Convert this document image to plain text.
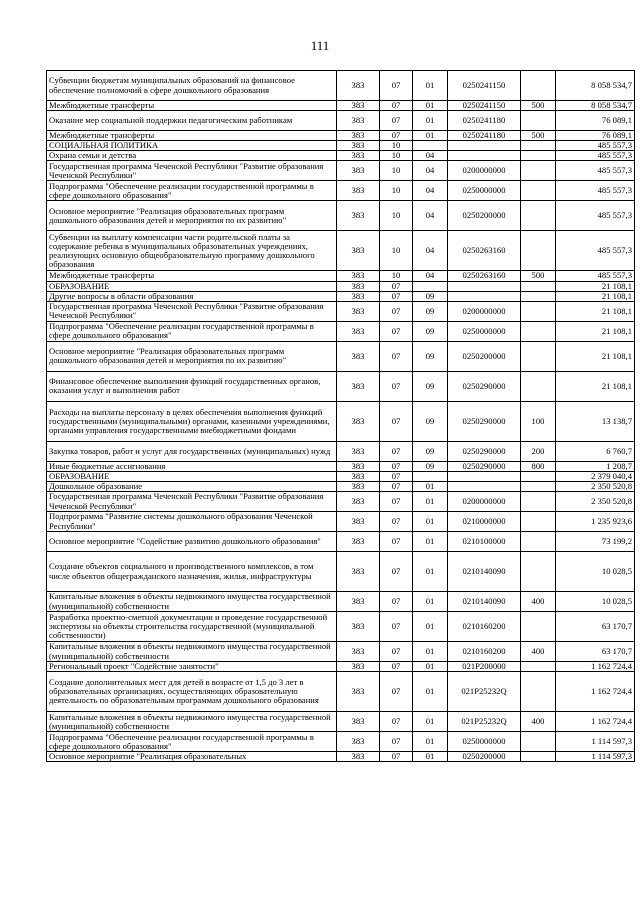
111
Субвенции бюджетам муниципальных образований на финансовое обеспечение полномочий в сфере дошкольного образования	383	07	01	0250241150		8 058 534,7
Межбюджетные трансферты	383	07	01	0250241150	500	8 058 534,7
Оказание мер социальной поддержки педагогическим работникам	383	07	01	0250241180		76 089,1
Межбюджетные трансферты	383	07	01	0250241180	500	76 089,1
СОЦИАЛЬНАЯ ПОЛИТИКА	383	10				485 557,3
Охрана семьи и детства	383	10	04			485 557,3
Государственная программа Чеченской Республики "Развитие образования Чеченской Республики"	383	10	04	0200000000		485 557,3
Подпрограмма "Обеспечение реализации государственной программы в сфере дошкольного образования"	383	10	04	0250000000		485 557,3
Основное мероприятие "Реализация образовательных программ дошкольного образования детей и мероприятия по их развитию"	383	10	04	0250200000		485 557,3
Субвенции на выплату компенсации части родительской платы за содержание ребенка в муниципальных образовательных учреждениях, реализующих основную общеобразовательную программу дошкольного образования	383	10	04	0250263160		485 557,3
Межбюджетные трансферты	383	10	04	0250263160	500	485 557,3
ОБРАЗОВАНИЕ	383	07				21 108,1
Другие вопросы в области образования	383	07	09			21 108,1
Государственная программа Чеченской Республики "Развитие образования Чеченской Республики"	383	07	09	0200000000		21 108,1
Подпрограмма "Обеспечение реализации государственной программы в сфере дошкольного образования"	383	07	09	0250000000		21 108,1
Основное мероприятие "Реализация образовательных программ дошкольного образования детей и мероприятия по их развитию"	383	07	09	0250200000		21 108,1
Финансовое обеспечение выполнения функций государственных органов, оказания услуг и выполнения работ	383	07	09	0250290000		21 108,1
Расходы на выплаты персоналу в целях обеспечения выполнения функций государственными (муниципальными) органами, казенными учреждениями, органами управления государственными внебюджетными фондами	383	07	09	0250290000	100	13 138,7
Закупка товаров, работ и услуг для государственных (муниципальных) нужд	383	07	09	0250290000	200	6 760,7
Иные бюджетные ассигнования	383	07	09	0250290000	800	1 208,7
ОБРАЗОВАНИЕ	383	07				2 379 040,4
Дошкольное образование	383	07	01			2 350 520,8
Государственная программа Чеченской Республики "Развитие образования Чеченской Республики"	383	07	01	0200000000		2 350 520,8
Подпрограмма "Развитие системы дошкольного образования Чеченской Республики"	383	07	01	0210000000		1 235 923,6
Основное мероприятие "Содействие развитию дошкольного образования"	383	07	01	0210100000		73 199,2
Создание объектов социального и производственного комплексов, в том числе объектов общегражданского назначения, жилья, инфраструктуры	383	07	01	0210140090		10 028,5
Капитальные вложения в объекты недвижимого имущества государственной (муниципальной) собственности	383	07	01	0210140090	400	10 028,5
Разработка проектно-сметной документации и проведение государственной экспертизы на объекты строительства государственной (муниципальной собственности)	383	07	01	0210160200		63 170,7
Капитальные вложения в объекты недвижимого имущества государственной (муниципальной) собственности	383	07	01	0210160200	400	63 170,7
Региональный проект "Содействие занятости"	383	07	01	021P200000		1 162 724,4
Создание дополнительных мест для детей в возрасте от 1,5 до 3 лет в образовательных организациях, осуществляющих образовательную деятельность по образовательным программам дошкольного образования	383	07	01	021P25232Q		1 162 724,4
Капитальные вложения в объекты недвижимого имущества государственной (муниципальной) собственности	383	07	01	021P25232Q	400	1 162 724,4
Подпрограмма "Обеспечение реализации государственной программы в сфере дошкольного образования"	383	07	01	0250000000		1 114 597,3
Основное мероприятие "Реализация образовательных	383	07	01	0250200000		1 114 597,3
